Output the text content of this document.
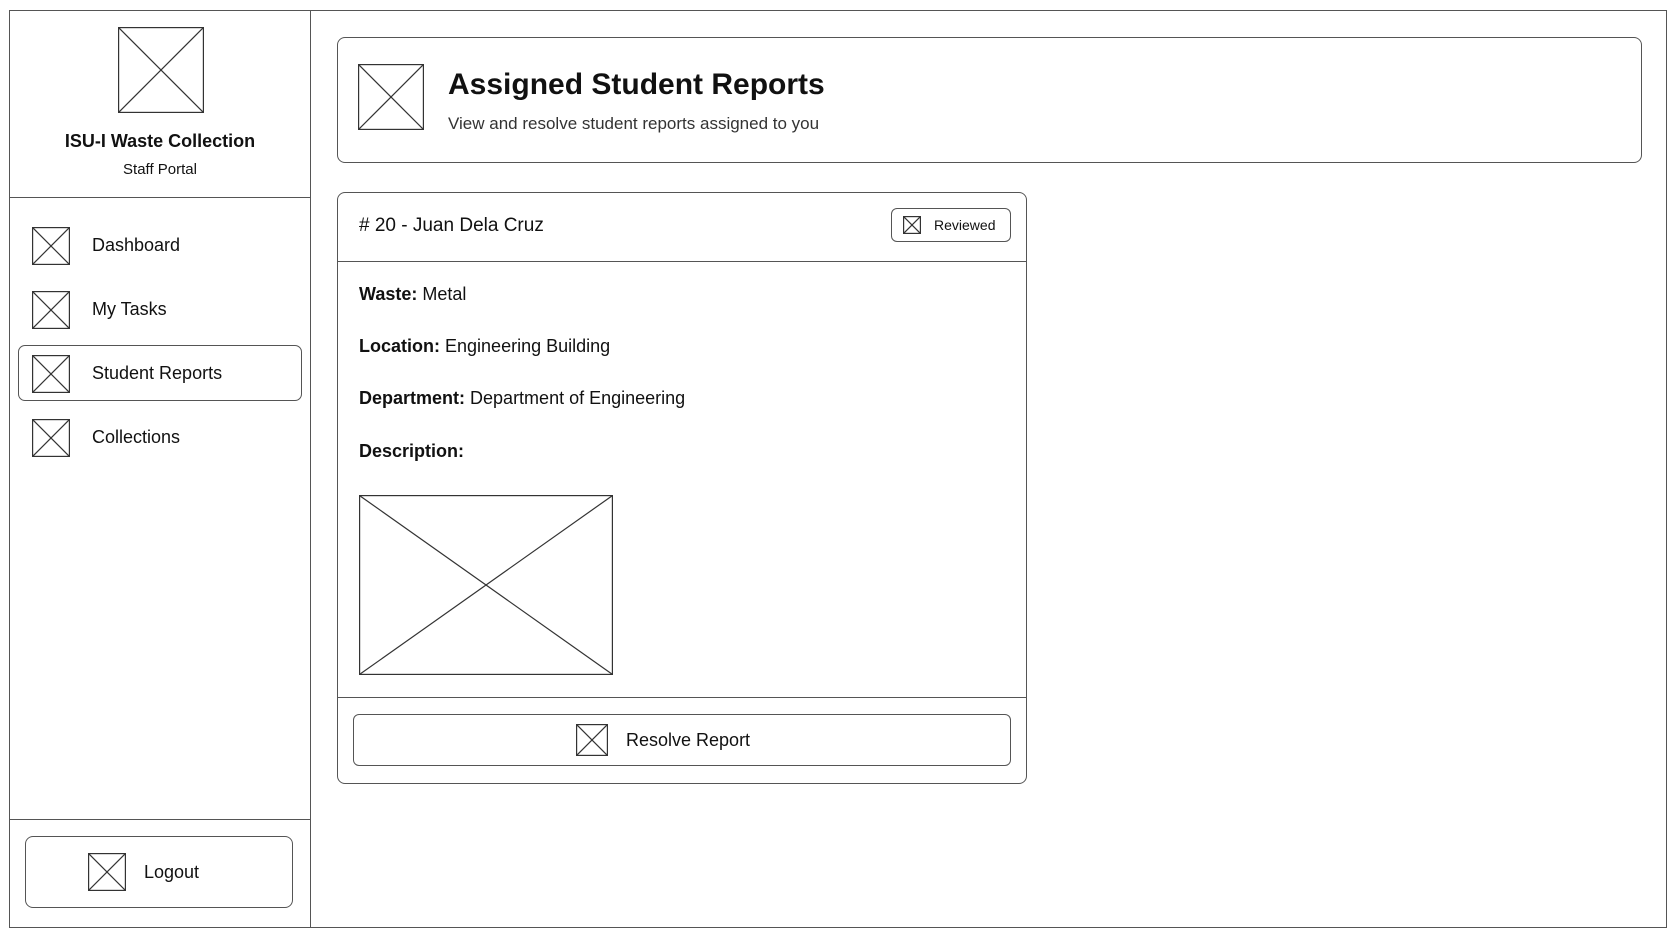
ISU-I Waste Collection
Staff Portal
Dashboard
My Tasks
Student Reports
Collections
Logout
Assigned Student Reports
View and resolve student reports assigned to you
# 20 - Juan Dela Cruz	Reviewed
Waste: Metal
Location: Engineering Building
Department: Department of Engineering
Description:
Resolve Report
